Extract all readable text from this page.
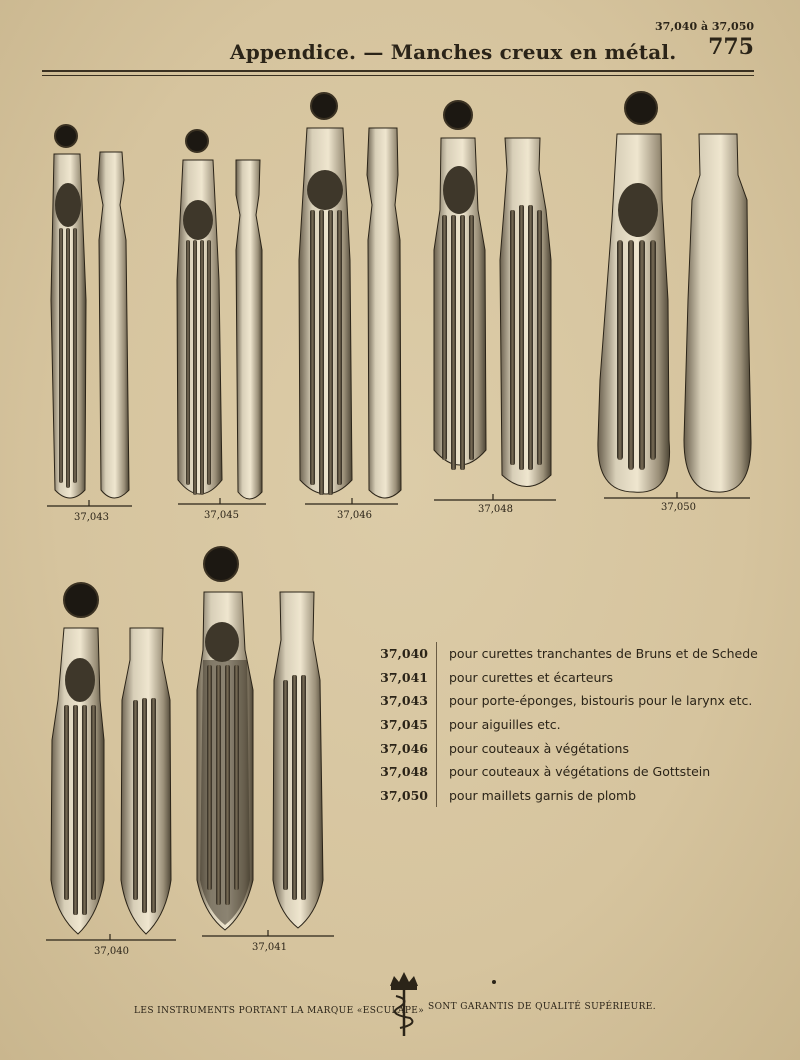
37,040 à 37,050
775
Appendice. — Manches creux en métal.
37,043	37,045	37,046
37,048	37,050
37,040	37,041
37,040	pour curettes tranchantes de Bruns et de Schede
37,041	pour curettes et écarteurs
37,043	pour porte-éponges, bistouris pour le larynx etc.
37,045	pour aiguilles etc.
37,046	pour couteaux à végétations
37,048	pour couteaux à végétations de Gottstein
37,050	pour maillets garnis de plomb
LES INSTRUMENTS PORTANT LA MARQUE «ESCULAPE» SONT GARANTIS DE QUALITÉ SUPÉRIEURE.
